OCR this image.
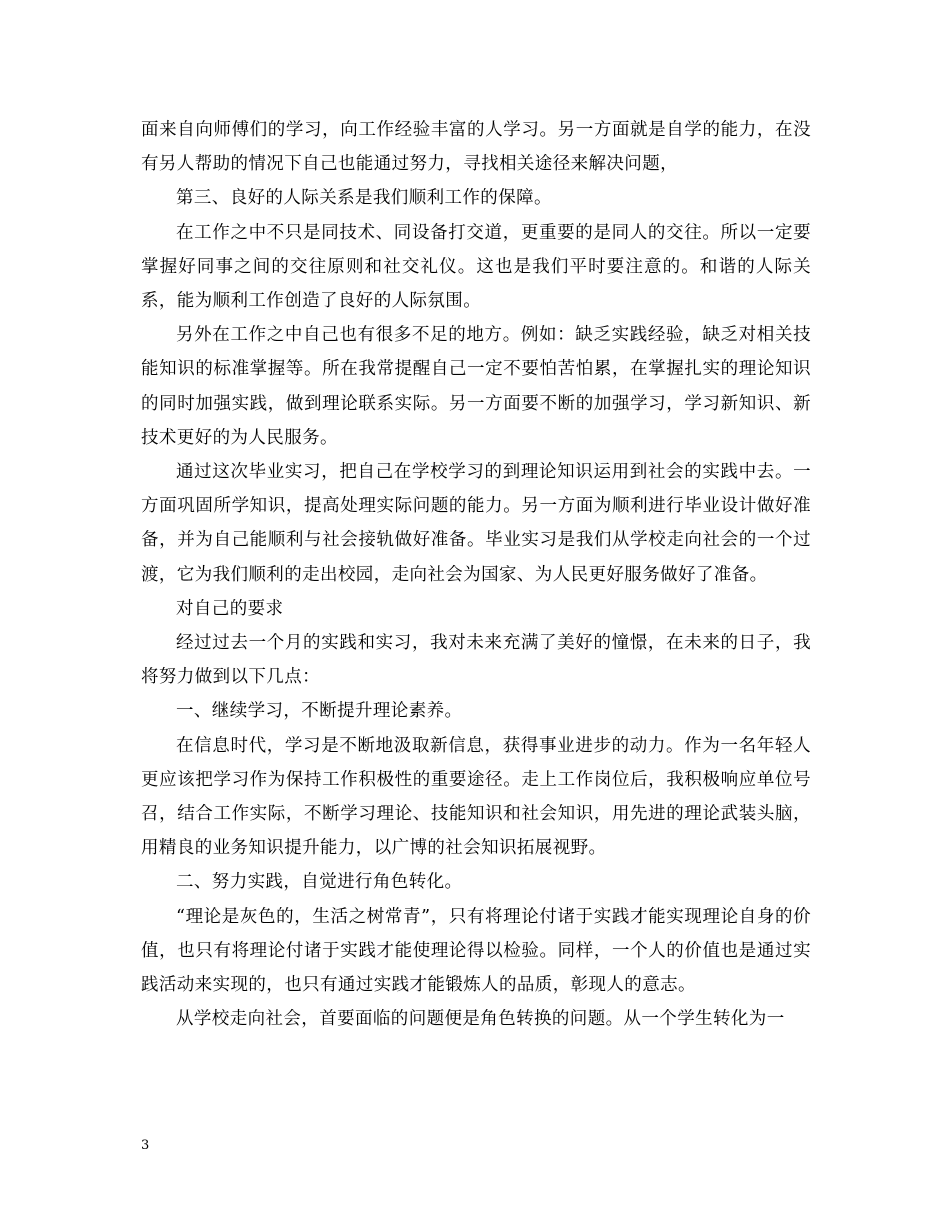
面来自向师傅们的学习，向工作经验丰富的人学习。另一方面就是自学的能力，在没有另人帮助的情况下自己也能通过努力，寻找相关途径来解决问题，

第三、良好的人际关系是我们顺利工作的保障。

在工作之中不只是同技术、同设备打交道，更重要的是同人的交往。所以一定要掌握好同事之间的交往原则和社交礼仪。这也是我们平时要注意的。和谐的人际关系，能为顺利工作创造了良好的人际氛围。

另外在工作之中自己也有很多不足的地方。例如：缺乏实践经验，缺乏对相关技能知识的标准掌握等。所在我常提醒自己一定不要怕苦怕累，在掌握扎实的理论知识的同时加强实践，做到理论联系实际。另一方面要不断的加强学习，学习新知识、新技术更好的为人民服务。

通过这次毕业实习，把自己在学校学习的到理论知识运用到社会的实践中去。一方面巩固所学知识，提高处理实际问题的能力。另一方面为顺利进行毕业设计做好准备，并为自己能顺利与社会接轨做好准备。毕业实习是我们从学校走向社会的一个过渡，它为我们顺利的走出校园，走向社会为国家、为人民更好服务做好了准备。

对自己的要求

经过过去一个月的实践和实习，我对未来充满了美好的憧憬，在未来的日子，我将努力做到以下几点：

一、继续学习，不断提升理论素养。

在信息时代，学习是不断地汲取新信息，获得事业进步的动力。作为一名年轻人更应该把学习作为保持工作积极性的重要途径。走上工作岗位后，我积极响应单位号召，结合工作实际，不断学习理论、技能知识和社会知识，用先进的理论武装头脑，用精良的业务知识提升能力，以广博的社会知识拓展视野。

二、努力实践，自觉进行角色转化。

“理论是灰色的，生活之树常青”，只有将理论付诸于实践才能实现理论自身的价值，也只有将理论付诸于实践才能使理论得以检验。同样，一个人的价值也是通过实践活动来实现的，也只有通过实践才能锻炼人的品质，彰现人的意志。

从学校走向社会，首要面临的问题便是角色转换的问题。从一个学生转化为一

3
